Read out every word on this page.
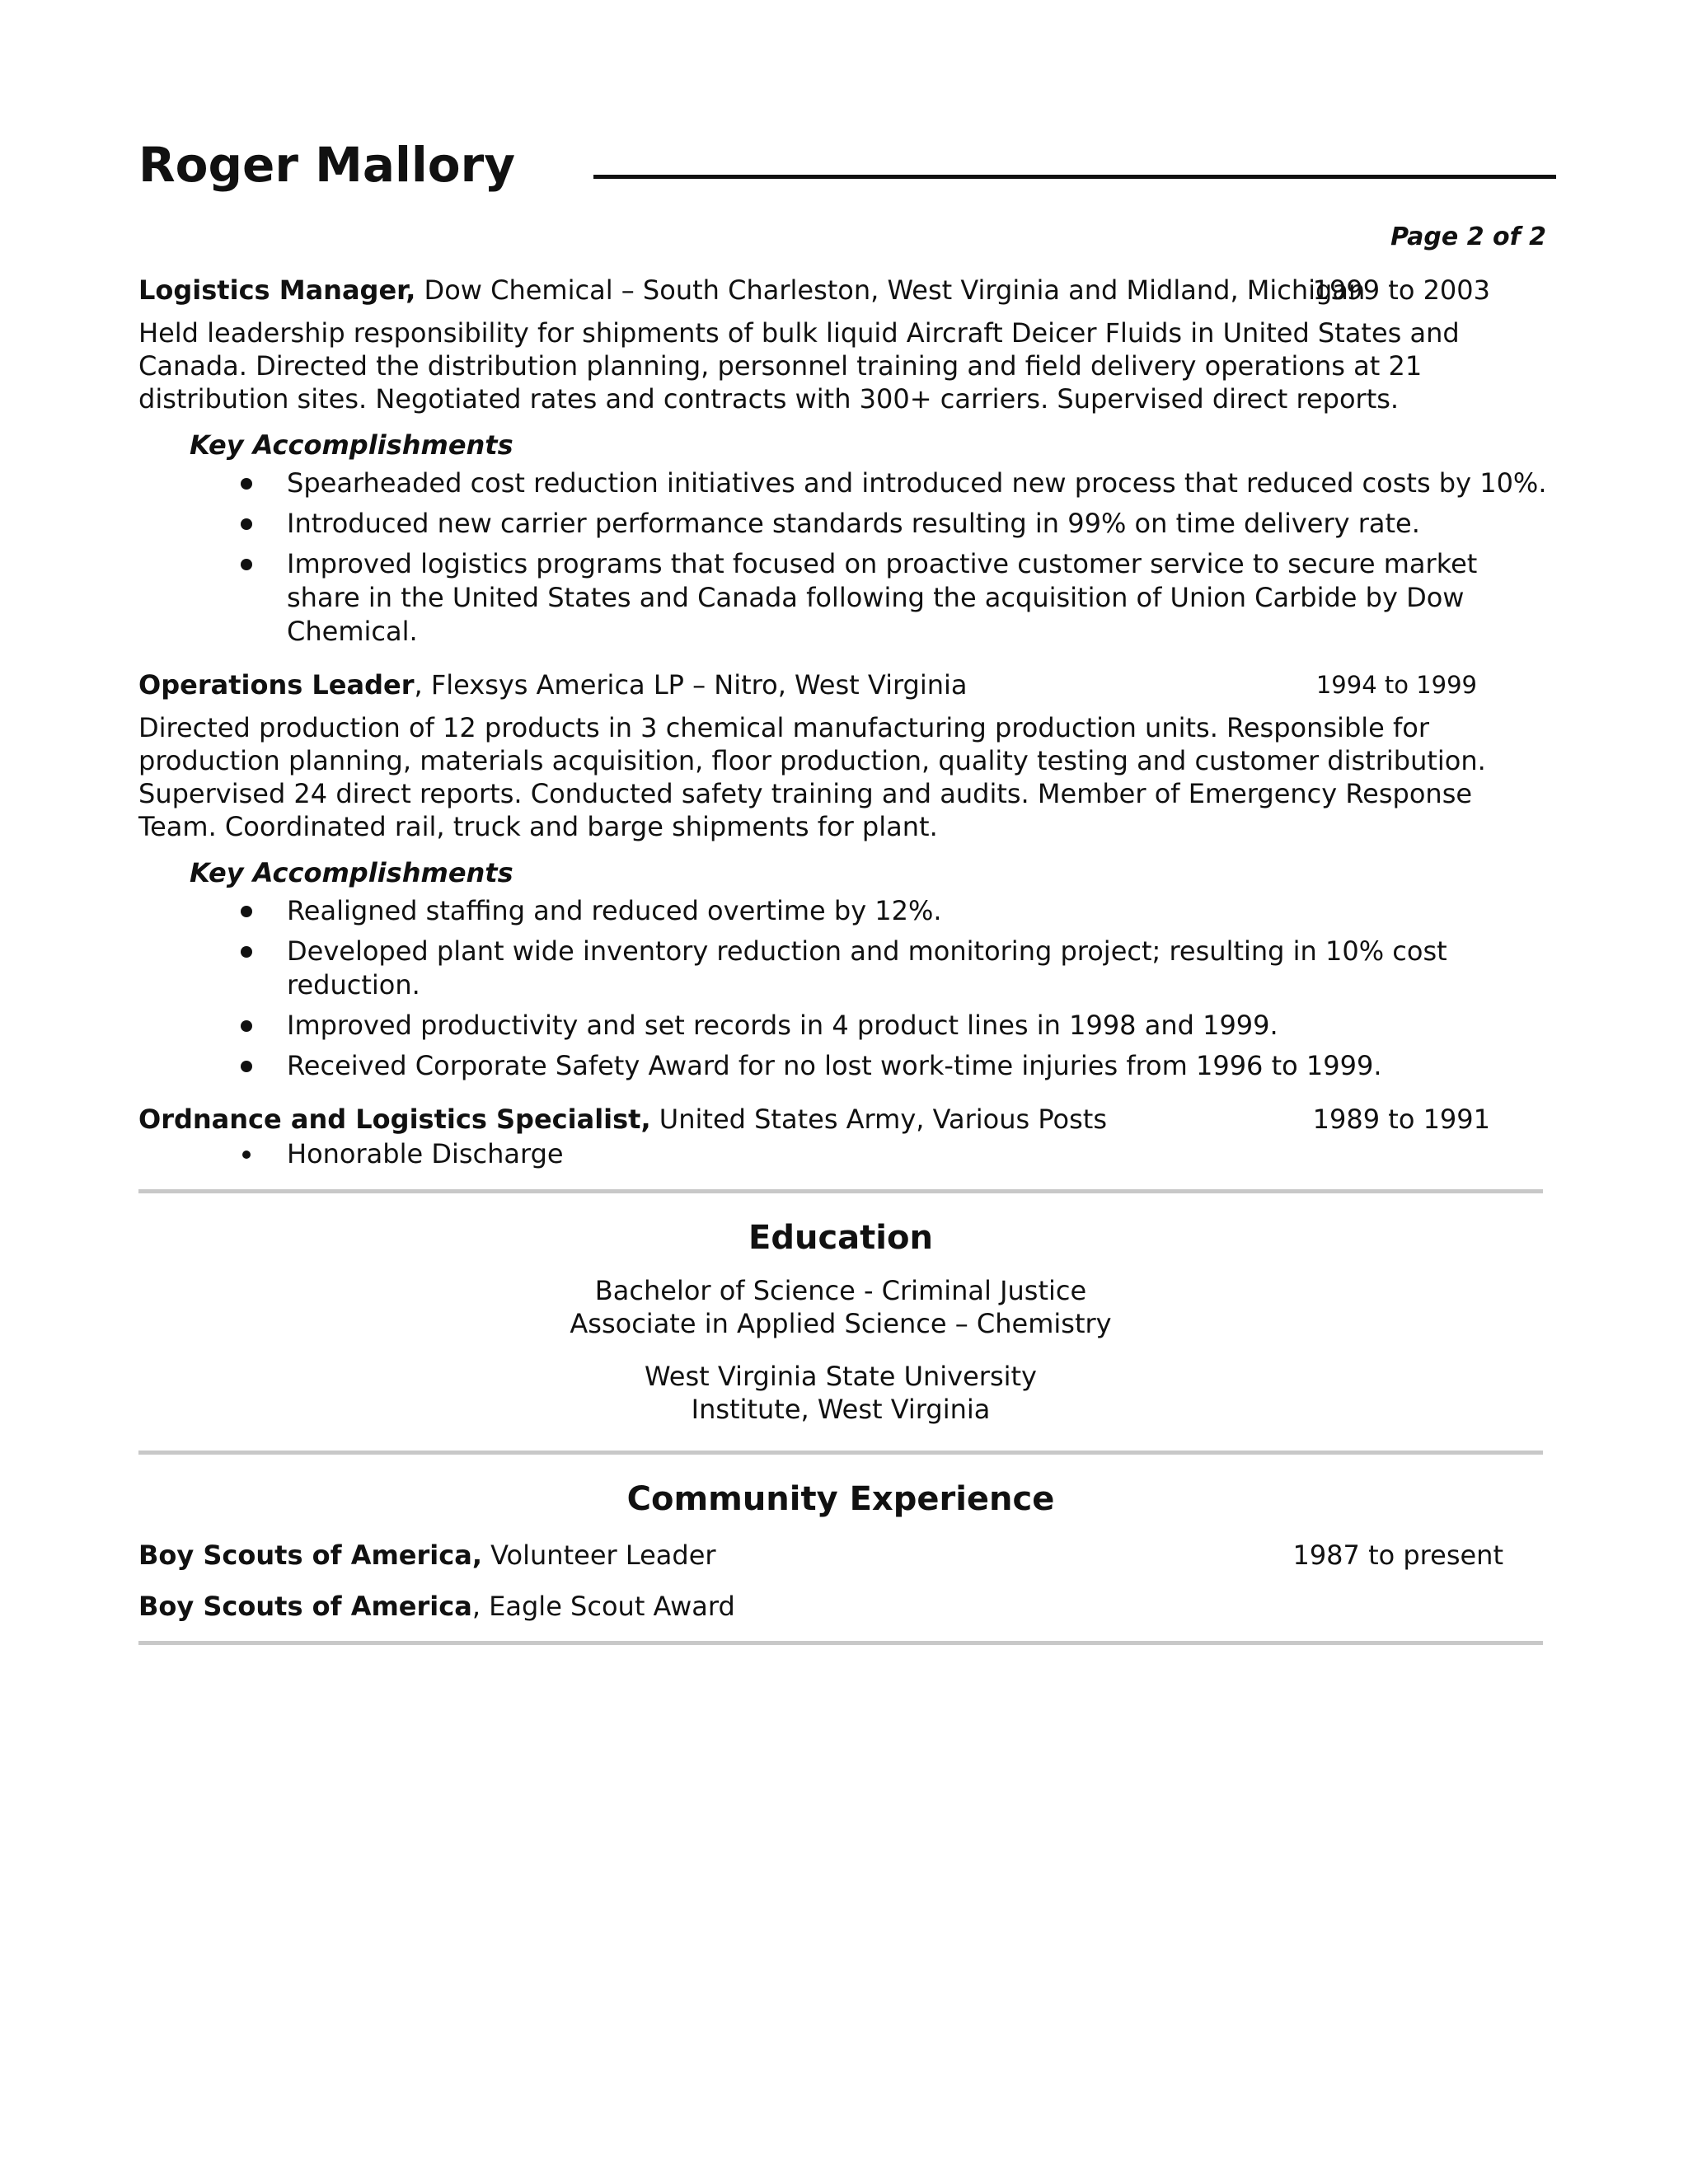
Roger Mallory
Page 2 of 2
Logistics Manager, Dow Chemical – South Charleston, West Virginia and Midland, Michigan
1999 to 2003
Held leadership responsibility for shipments of bulk liquid Aircraft Deicer Fluids in United States and Canada. Directed the distribution planning, personnel training and field delivery operations at 21 distribution sites. Negotiated rates and contracts with 300+ carriers. Supervised direct reports.
Key Accomplishments
Spearheaded cost reduction initiatives and introduced new process that reduced costs by 10%.
Introduced new carrier performance standards resulting in 99% on time delivery rate.
Improved logistics programs that focused on proactive customer service to secure market share in the United States and Canada following the acquisition of Union Carbide by Dow Chemical.
Operations Leader, Flexsys America LP – Nitro, West Virginia	1994 to 1999
Directed production of 12 products in 3 chemical manufacturing production units. Responsible for production planning, materials acquisition, floor production, quality testing and customer distribution. Supervised 24 direct reports. Conducted safety training and audits. Member of Emergency Response Team. Coordinated rail, truck and barge shipments for plant.
Key Accomplishments
Realigned staffing and reduced overtime by 12%.
Developed plant wide inventory reduction and monitoring project; resulting in 10% cost reduction.
Improved productivity and set records in 4 product lines in 1998 and 1999.
Received Corporate Safety Award for no lost work-time injuries from 1996 to 1999.
Ordnance and Logistics Specialist, United States Army, Various Posts	1989 to 1991
Honorable Discharge
Education
Bachelor of Science - Criminal Justice
Associate in Applied Science – Chemistry
West Virginia State University
Institute, West Virginia
Community Experience
Boy Scouts of America, Volunteer Leader	1987 to present
Boy Scouts of America, Eagle Scout Award
